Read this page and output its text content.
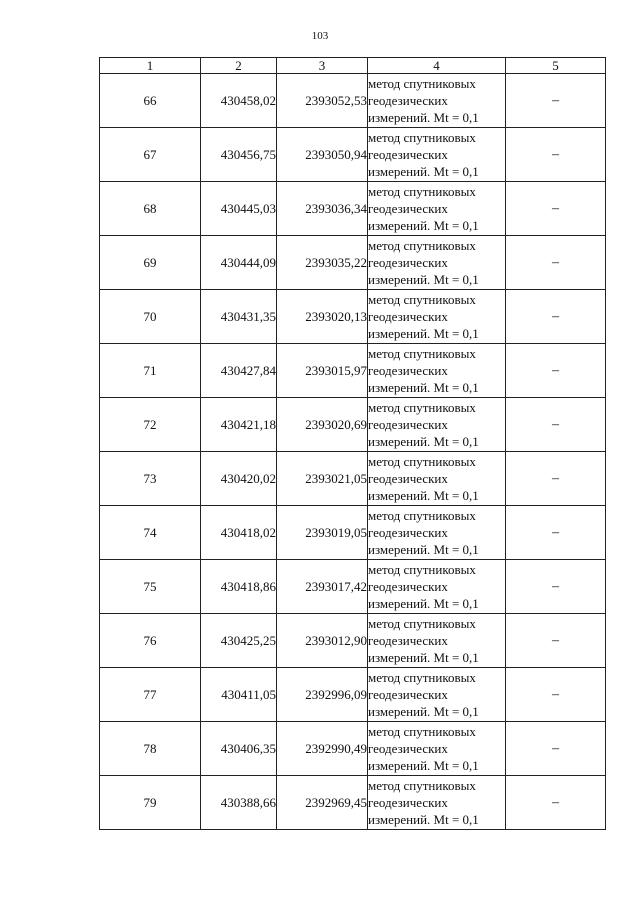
103
1	2	3	4	5
66	430458,02	2393052,53	метод спутниковых
геодезических
измерений. Mt = 0,1	–
67	430456,75	2393050,94	метод спутниковых
геодезических
измерений. Mt = 0,1	–
68	430445,03	2393036,34	метод спутниковых
геодезических
измерений. Mt = 0,1	–
69	430444,09	2393035,22	метод спутниковых
геодезических
измерений. Mt = 0,1	–
70	430431,35	2393020,13	метод спутниковых
геодезических
измерений. Mt = 0,1	–
71	430427,84	2393015,97	метод спутниковых
геодезических
измерений. Mt = 0,1	–
72	430421,18	2393020,69	метод спутниковых
геодезических
измерений. Mt = 0,1	–
73	430420,02	2393021,05	метод спутниковых
геодезических
измерений. Mt = 0,1	–
74	430418,02	2393019,05	метод спутниковых
геодезических
измерений. Mt = 0,1	–
75	430418,86	2393017,42	метод спутниковых
геодезических
измерений. Mt = 0,1	–
76	430425,25	2393012,90	метод спутниковых
геодезических
измерений. Mt = 0,1	–
77	430411,05	2392996,09	метод спутниковых
геодезических
измерений. Mt = 0,1	–
78	430406,35	2392990,49	метод спутниковых
геодезических
измерений. Mt = 0,1	–
79	430388,66	2392969,45	метод спутниковых
геодезических
измерений. Mt = 0,1	–
